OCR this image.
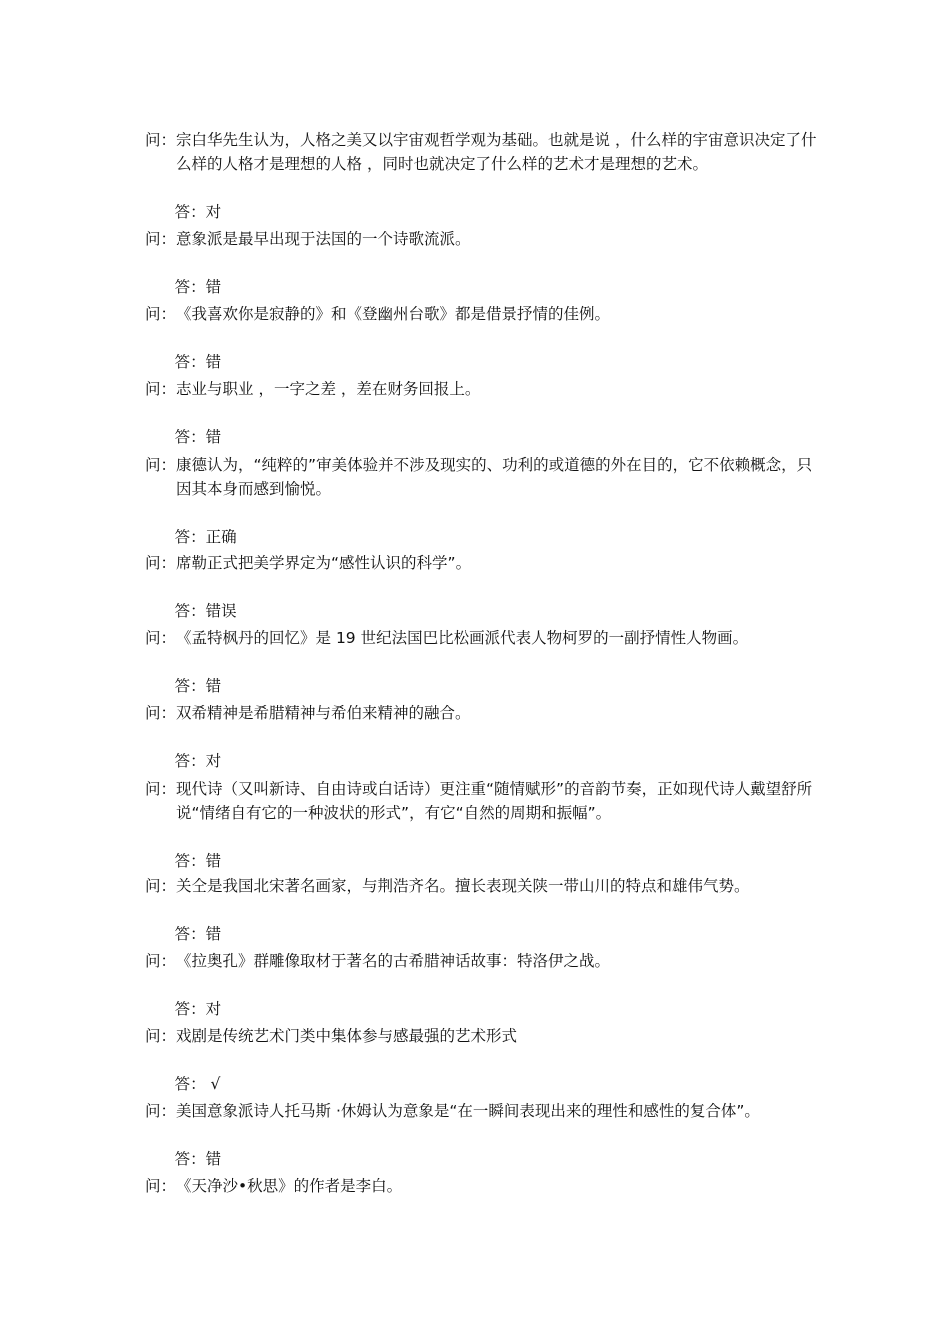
问： 宗白华先生认为，人格之美又以宇宙观哲学观为基础。也就是说 ，什么样的宇宙意识决定了什么样的人格才是理想的人格 ，同时也就决定了什么样的艺术才是理想的艺术。

答：对

问： 意象派是最早出现于法国的一个诗歌流派。

答：错

问： 《我喜欢你是寂静的》和《登幽州台歌》都是借景抒情的佳例。

答：错

问： 志业与职业 ，一字之差 ，差在财务回报上。

答：错

问： 康德认为，“纯粹的”审美体验并不涉及现实的、功利的或道德的外在目的，它不依赖概念，只因其本身而感到愉悦。

答：正确

问： 席勒正式把美学界定为“感性认识的科学”。

答：错误

问： 《孟特枫丹的回忆》是 19 世纪法国巴比松画派代表人物柯罗的一副抒情性人物画。

答：错

问： 双希精神是希腊精神与希伯来精神的融合。

答：对

问： 现代诗（又叫新诗、自由诗或白话诗）更注重“随情赋形”的音韵节奏，正如现代诗人戴望舒所说“情绪自有它的一种波状的形式”，有它“自然的周期和振幅”。

答：错

问： 关仝是我国北宋著名画家，与荆浩齐名。擅长表现关陕一带山川的特点和雄伟气势。

答：错

问： 《拉奥孔》群雕像取材于著名的古希腊神话故事：特洛伊之战。

答：对

问： 戏剧是传统艺术门类中集体参与感最强的艺术形式

答： √

问： 美国意象派诗人托马斯 ·休姆认为意象是“在一瞬间表现出来的理性和感性的复合体”。

答：错

问： 《天净沙•秋思》的作者是李白。
